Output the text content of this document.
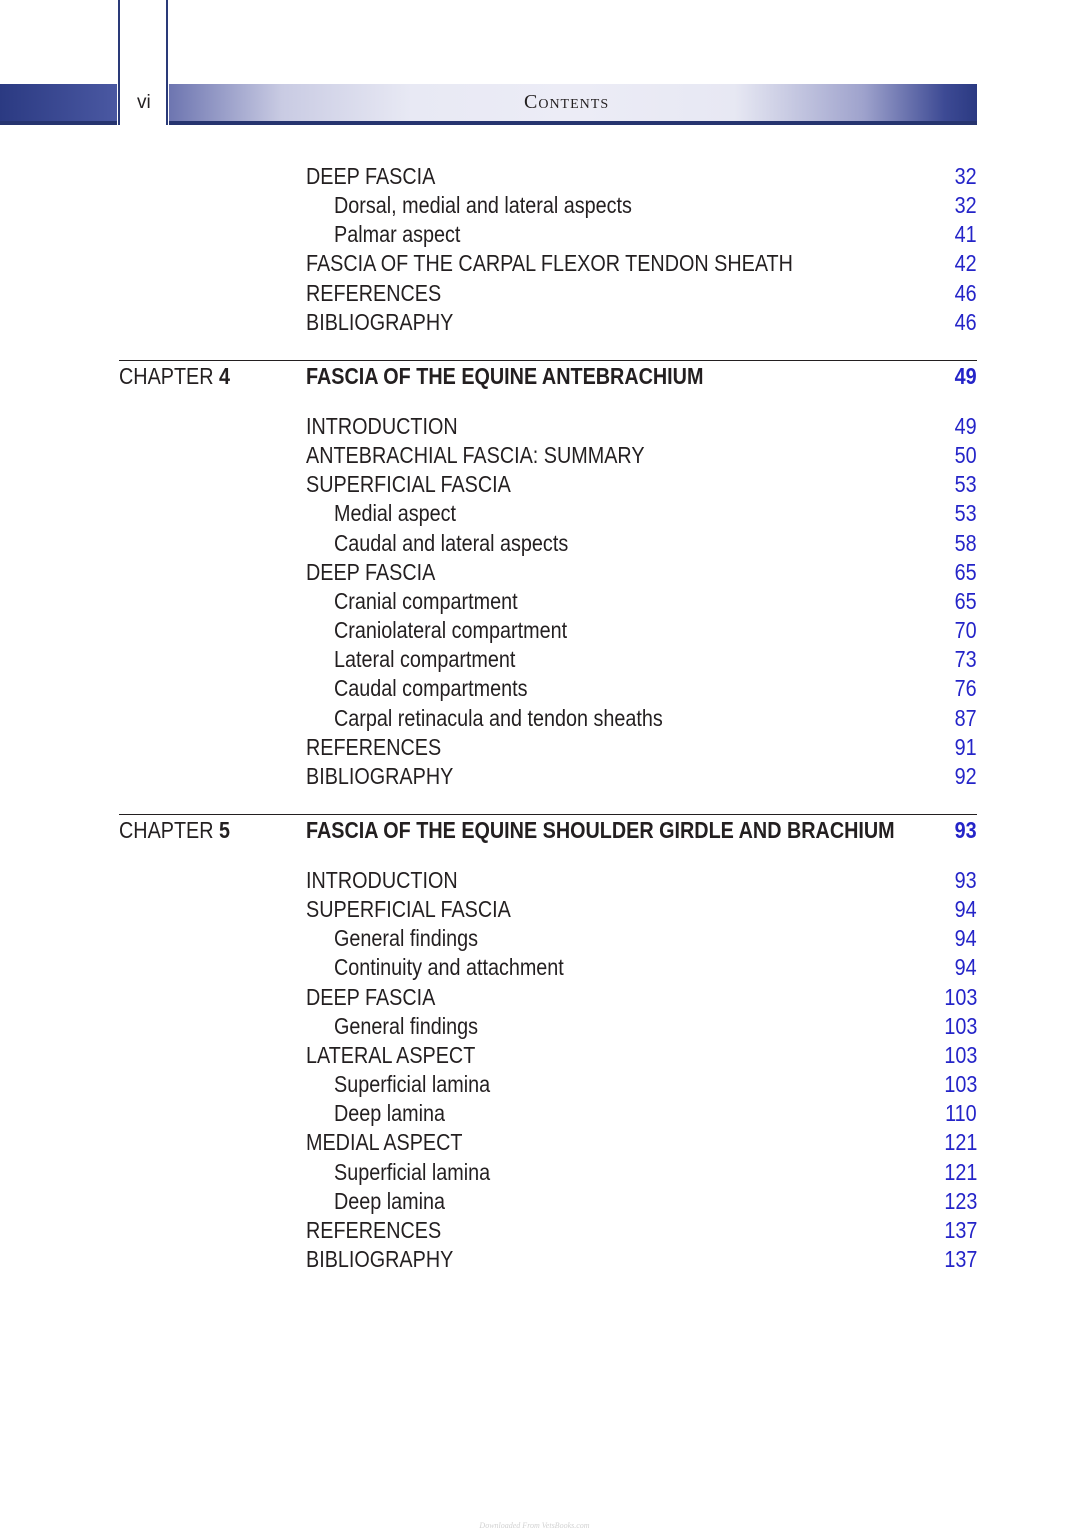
vi	Contents
DEEP FASCIA	32
Dorsal, medial and lateral aspects	32
Palmar aspect	41
FASCIA OF THE CARPAL FLEXOR TENDON SHEATH	42
REFERENCES	46
BIBLIOGRAPHY	46
CHAPTER 4	FASCIA OF THE EQUINE ANTEBRACHIUM	49
INTRODUCTION	49
ANTEBRACHIAL FASCIA: SUMMARY	50
SUPERFICIAL FASCIA	53
Medial aspect	53
Caudal and lateral aspects	58
DEEP FASCIA	65
Cranial compartment	65
Craniolateral compartment	70
Lateral compartment	73
Caudal compartments	76
Carpal retinacula and tendon sheaths	87
REFERENCES	91
BIBLIOGRAPHY	92
CHAPTER 5	FASCIA OF THE EQUINE SHOULDER GIRDLE AND BRACHIUM	93
INTRODUCTION	93
SUPERFICIAL FASCIA	94
General findings	94
Continuity and attachment	94
DEEP FASCIA	103
General findings	103
LATERAL ASPECT	103
Superficial lamina	103
Deep lamina	110
MEDIAL ASPECT	121
Superficial lamina	121
Deep lamina	123
REFERENCES	137
BIBLIOGRAPHY	137
Downloaded From VetsBooks.com
